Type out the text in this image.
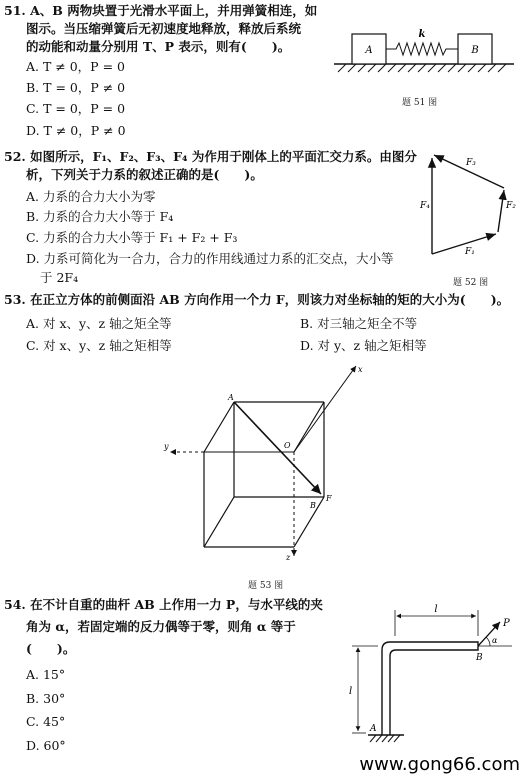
51. A、B 两物块置于光滑水平面上，并用弹簧相连，如
图示。当压缩弹簧后无初速度地释放，释放后系统
的动能和动量分别用 T、P 表示，则有(　　)。
A. T ≠ 0，P = 0
B. T = 0，P ≠ 0
C. T = 0，P = 0
D. T ≠ 0，P ≠ 0
A	B
k
题 51 图
52. 如图所示，F₁、F₂、F₃、F₄ 为作用于刚体上的平面汇交力系。由图分
析，下列关于力系的叙述正确的是(　　)。
A. 力系的合力大小为零
B. 力系的合力大小等于 F₄
C. 力系的合力大小等于 F₁ + F₂ + F₃
D. 力系可简化为一合力，合力的作用线通过力系的汇交点，大小等
于 2F₄
F₁
F₂
F₃
F₄
题 52 图
53. 在正立方体的前侧面沿 AB 方向作用一个力 F，则该力对坐标轴的矩的大小为(　　)。
A. 对 x、y、z 轴之矩全等	B. 对三轴之矩全不等
C. 对 x、y、z 轴之矩相等	D. 对 y、z 轴之矩相等
x
y
z
A
B
O
F
题 53 图
54. 在不计自重的曲杆 AB 上作用一力 P，与水平线的夹
角为 α，若固定端的反力偶等于零，则角 α 等于
(　　)。
A. 15°
B. 30°
C. 45°
D. 60°
l
l
P
α
B
A
www.gong66.com
